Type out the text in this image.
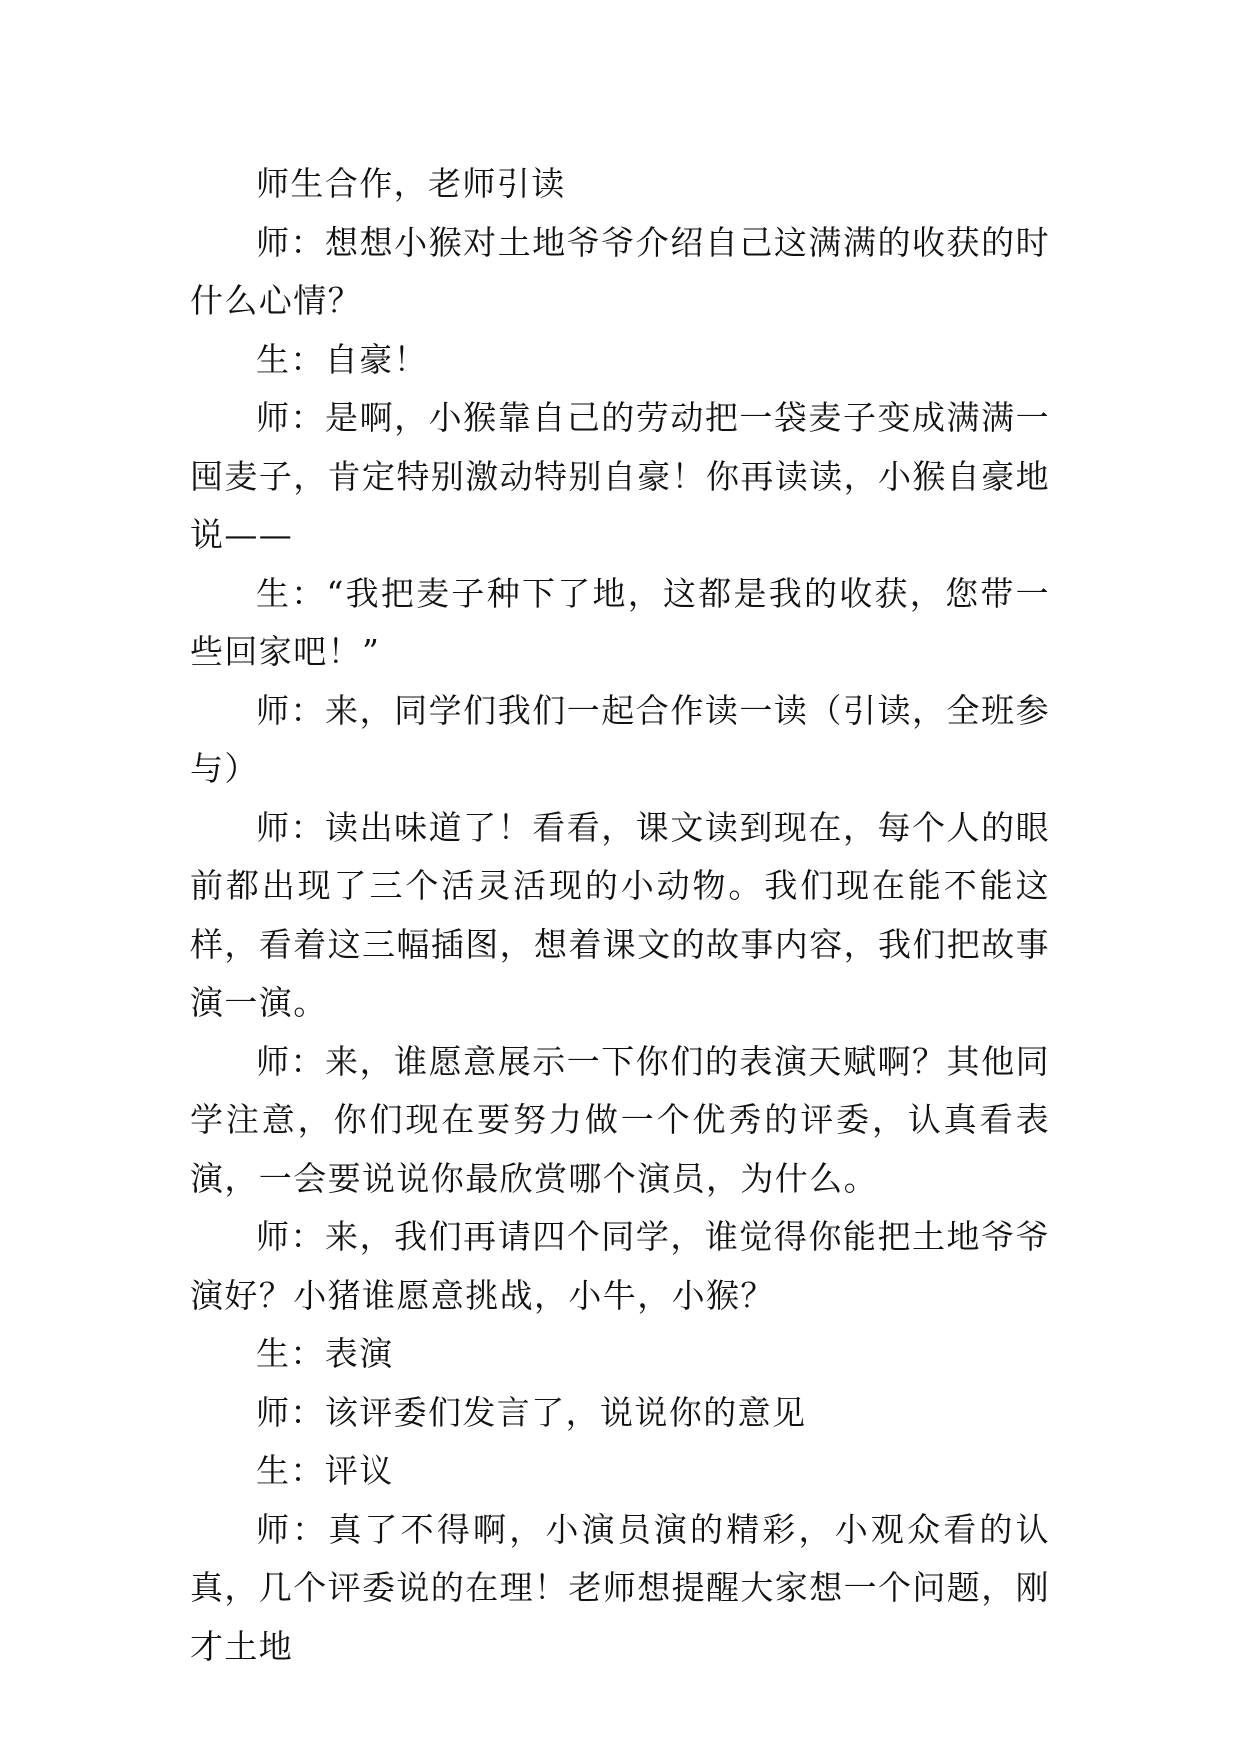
师生合作，老师引读

师：想想小猴对土地爷爷介绍自己这满满的收获的时什么心情？

生：自豪！

师：是啊，小猴靠自己的劳动把一袋麦子变成满满一囤麦子，肯定特别激动特别自豪！你再读读，小猴自豪地说——

生：“我把麦子种下了地，这都是我的收获，您带一些回家吧！”

师：来，同学们我们一起合作读一读（引读，全班参与）

师：读出味道了！看看，课文读到现在，每个人的眼前都出现了三个活灵活现的小动物。我们现在能不能这样，看着这三幅插图，想着课文的故事内容，我们把故事演一演。

师：来，谁愿意展示一下你们的表演天赋啊？其他同学注意，你们现在要努力做一个优秀的评委，认真看表演，一会要说说你最欣赏哪个演员，为什么。

师：来，我们再请四个同学，谁觉得你能把土地爷爷演好？小猪谁愿意挑战，小牛，小猴？

生：表演

师：该评委们发言了，说说你的意见

生：评议

师：真了不得啊，小演员演的精彩，小观众看的认真，几个评委说的在理！老师想提醒大家想一个问题，刚才土地
